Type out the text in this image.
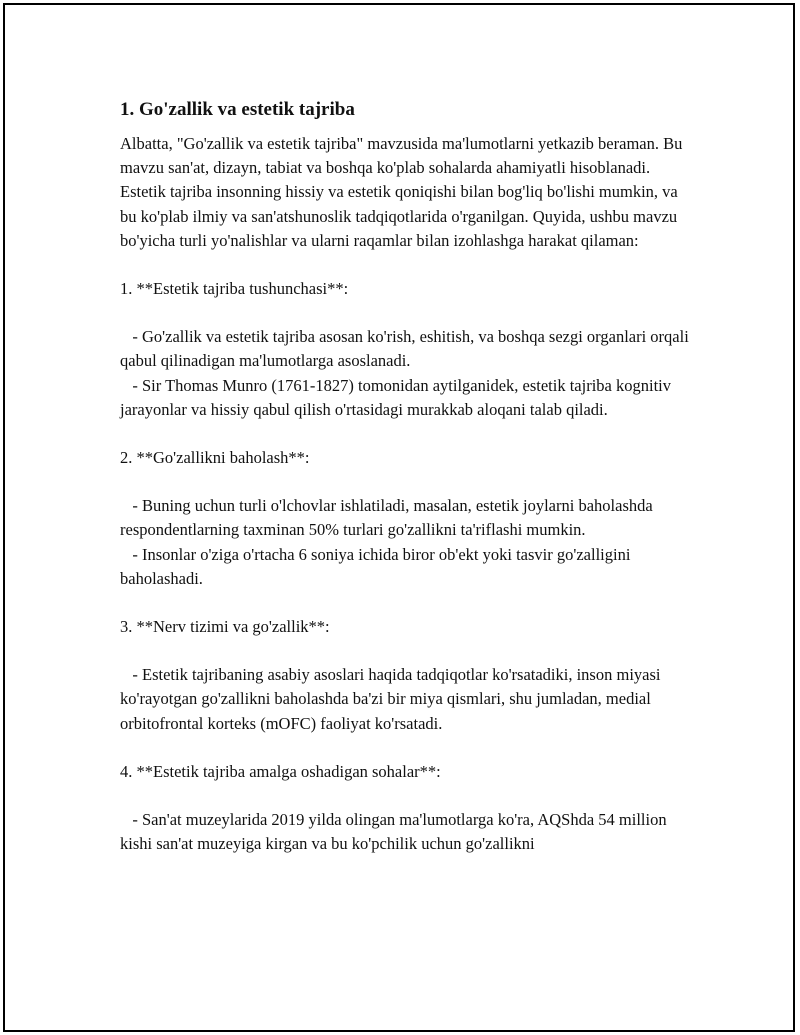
1. Go'zallik va estetik tajriba

Albatta, "Go'zallik va estetik tajriba" mavzusida ma'lumotlarni yetkazib beraman. Bu mavzu san'at, dizayn, tabiat va boshqa ko'plab sohalarda ahamiyatli hisoblanadi. Estetik tajriba insonning hissiy va estetik qoniqishi bilan bog'liq bo'lishi mumkin, va bu ko'plab ilmiy va san'atshunoslik tadqiqotlarida o'rganilgan. Quyida, ushbu mavzu bo'yicha turli yo'nalishlar va ularni raqamlar bilan izohlashga harakat qilaman:

1. **Estetik tajriba tushunchasi**:

- Go'zallik va estetik tajriba asosan ko'rish, eshitish, va boshqa sezgi organlari orqali qabul qilinadigan ma'lumotlarga asoslanadi.
- Sir Thomas Munro (1761-1827) tomonidan aytilganidek, estetik tajriba kognitiv jarayonlar va hissiy qabul qilish o'rtasidagi murakkab aloqani talab qiladi.

2. **Go'zallikni baholash**:

- Buning uchun turli o'lchovlar ishlatiladi, masalan, estetik joylarni baholashda respondentlarning taxminan 50% turlari go'zallikni ta'riflashi mumkin.
- Insonlar o'ziga o'rtacha 6 soniya ichida biror ob'ekt yoki tasvir go'zalligini baholashadi.

3. **Nerv tizimi va go'zallik**:

- Estetik tajribaning asabiy asoslari haqida tadqiqotlar ko'rsatadiki, inson miyasi ko'rayotgan go'zallikni baholashda ba'zi bir miya qismlari, shu jumladan, medial orbitofrontal korteks (mOFC) faoliyat ko'rsatadi.

4. **Estetik tajriba amalga oshadigan sohalar**:

- San'at muzeylarida 2019 yilda olingan ma'lumotlarga ko'ra, AQShda 54 million kishi san'at muzeyiga kirgan va bu ko'pchilik uchun go'zallikni
